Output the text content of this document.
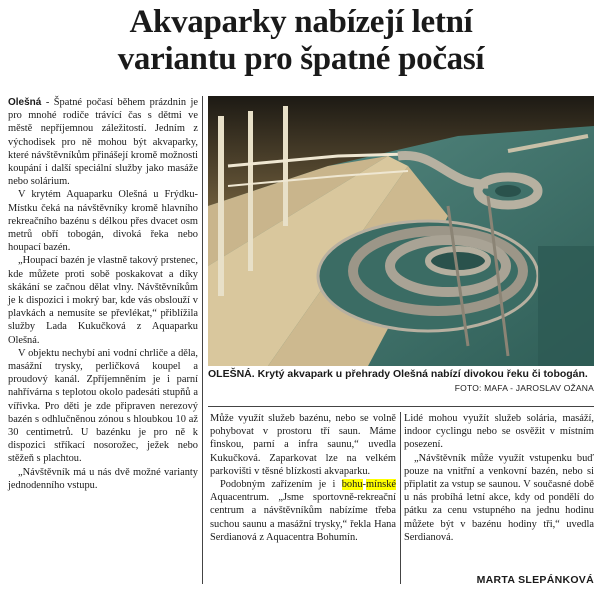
Akvaparky nabízejí letní
variantu pro špatné počasí

Olešná - Špatné počasí během prázdnin je pro mnohé rodiče trávící čas s dětmi ve městě nepříjemnou záležitostí. Jedním z východisek pro ně mohou být akvaparky, které návštěvníkům přinášejí kromě možnosti koupání i další speciální služby jako masáže nebo solárium.

V krytém Aquaparku Olešná u Frýdku-Místku čeká na návštěvníky kromě hlavního rekreačního bazénu s délkou přes dvacet osm metrů obří tobogán, divoká řeka nebo houpací bazén.

„Houpací bazén je vlastně takový prstenec, kde můžete proti sobě poskakovat a díky skákání se začnou dělat vlny. Návštěvníkům je k dispozici i mokrý bar, kde vás obslouží v plavkách a nemusíte se převlékat,“ přiblížila služby Lada Kukučková z Aquaparku Olešná.

V objektu nechybí ani vodní chrliče a děla, masážní trysky, perličková koupel a proudový kanál. Zpříjemněním je i parní nahřívárna s teplotou okolo padesáti stupňů a vířivka. Pro děti je zde připraven nerezový bazén s odhlučněnou zónou s hloubkou 10 až 30 centimetrů. U bazénku je pro ně k dispozici stříkací nosorožec, ježek nebo stěžeň s plachtou.

„Návštěvník má u nás dvě možné varianty jednodenního vstupu.

OLEŠNÁ. Krytý akvapark u přehrady Olešná nabízí divokou řeku či tobogán.
FOTO: MAFA - JAROSLAV OŽANA

Může využít služeb bazénu, nebo se volně pohybovat v prostoru tří saun. Máme finskou, parní a infra saunu,“ uvedla Kukučková. Zaparkovat lze na velkém parkovišti v těsné blízkosti akvaparku.

Podobným zařízením je i bohu-mínské Aquacentrum. „Jsme sportovně-rekreační centrum a návštěvníkům nabízíme třeba suchou saunu a masážní trysky,“ řekla Hana Serdianová z Aquacentra Bohumín.

Lidé mohou využít služeb solária, masáží, indoor cyclingu nebo se osvěžit v místním posezení.

„Návštěvník může využít vstupenku buď pouze na vnitřní a venkovní bazén, nebo si připlatit za vstup se saunou. V současné době u nás probíhá letní akce, kdy od pondělí do pátku za cenu vstupného na jednu hodinu můžete být v bazénu hodiny tři,“ uvedla Serdianová.

MARTA SLEPÁNKOVÁ
